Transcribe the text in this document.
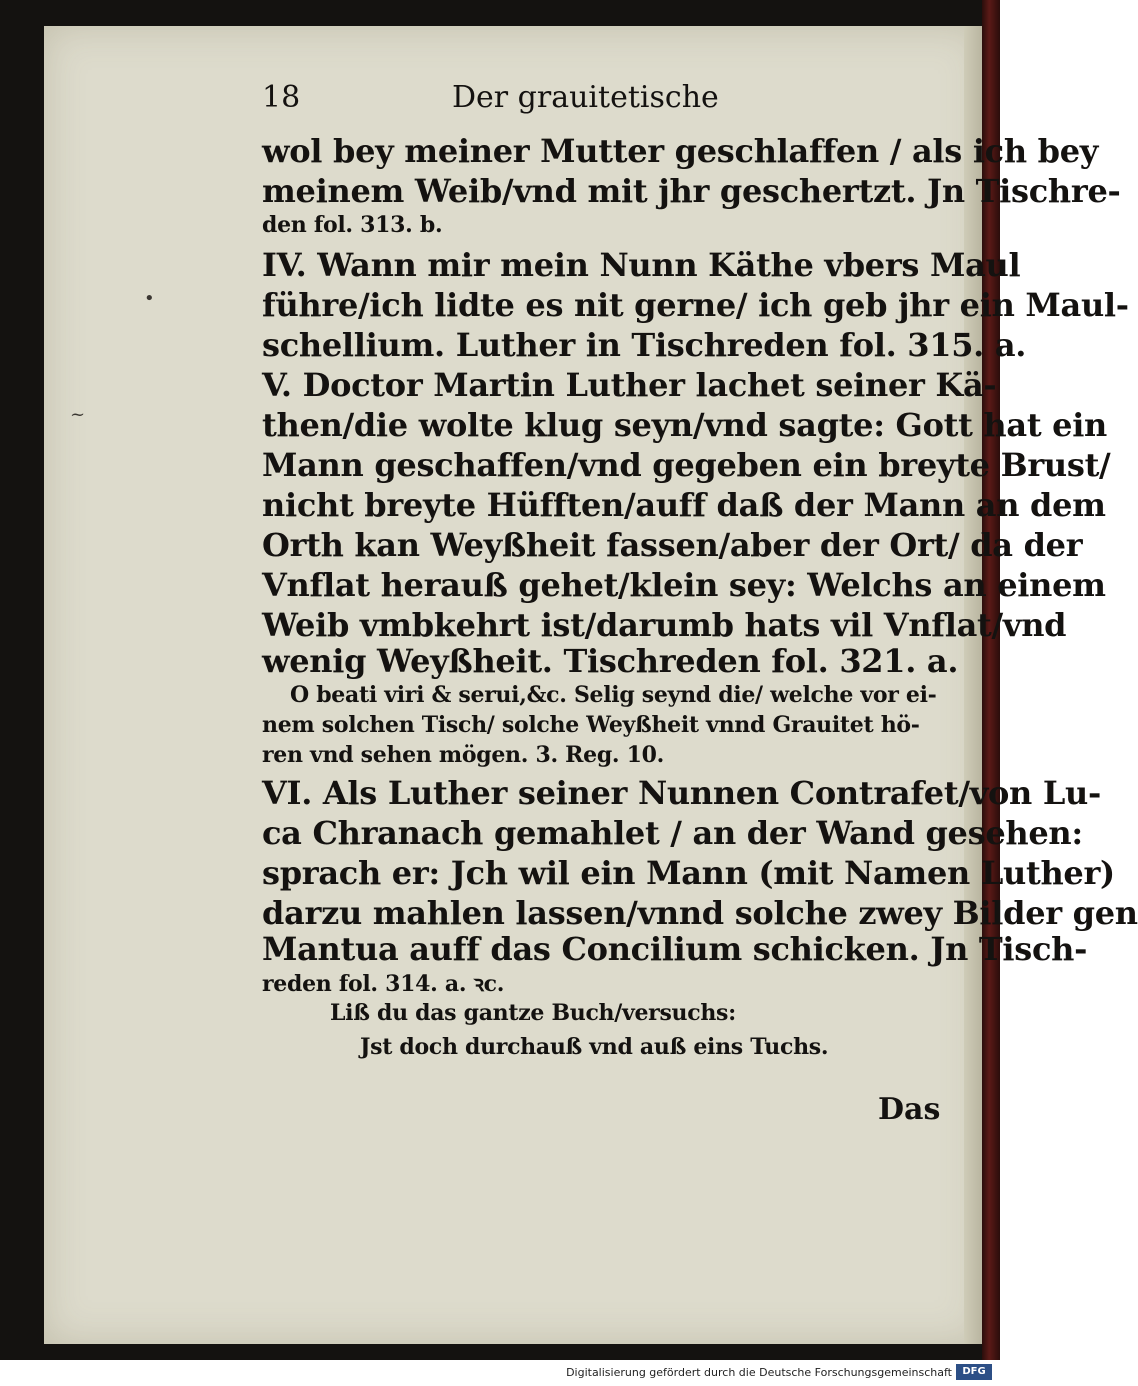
18	Der grauitetische

wol bey meiner Mutter geschlaffen / als ich bey

meinem Weib/vnd mit jhr geschertzt. Jn Tischre-

den fol. 313. b.

IV. Wann mir mein Nunn Käthe vbers Maul

führe/ich lidte es nit gerne/ ich geb jhr ein Maul-

schellium. Luther in Tischreden fol. 315. a.

V. Doctor Martin Luther lachet seiner Kä-

then/die wolte klug seyn/vnd sagte: Gott hat ein

Mann geschaffen/vnd gegeben ein breyte Brust/

nicht breyte Hüfften/auff daß der Mann an dem

Orth kan Weyßheit fassen/aber der Ort/ da der

Vnflat herauß gehet/klein sey: Welchs an einem

Weib vmbkehrt ist/darumb hats vil Vnflat/vnd

wenig Weyßheit. Tischreden fol. 321. a.

O beati viri & serui,&c. Selig seynd die/ welche vor ei-

nem solchen Tisch/ solche Weyßheit vnnd Grauitet hö-

ren vnd sehen mögen. 3. Reg. 10.

VI. Als Luther seiner Nunnen Contrafet/von Lu-

ca Chranach gemahlet / an der Wand gesehen:

sprach er: Jch wil ein Mann (mit Namen Luther)

darzu mahlen lassen/vnnd solche zwey Bilder gen

Mantua auff das Concilium schicken. Jn Tisch-

reden fol. 314. a. ꝛc.

Liß du das gantze Buch/versuchs:

Jst doch durchauß vnd auß eins Tuchs.

Das

•
~

Digitalisierung gefördert durch die Deutsche Forschungsgemeinschaft	DFG
